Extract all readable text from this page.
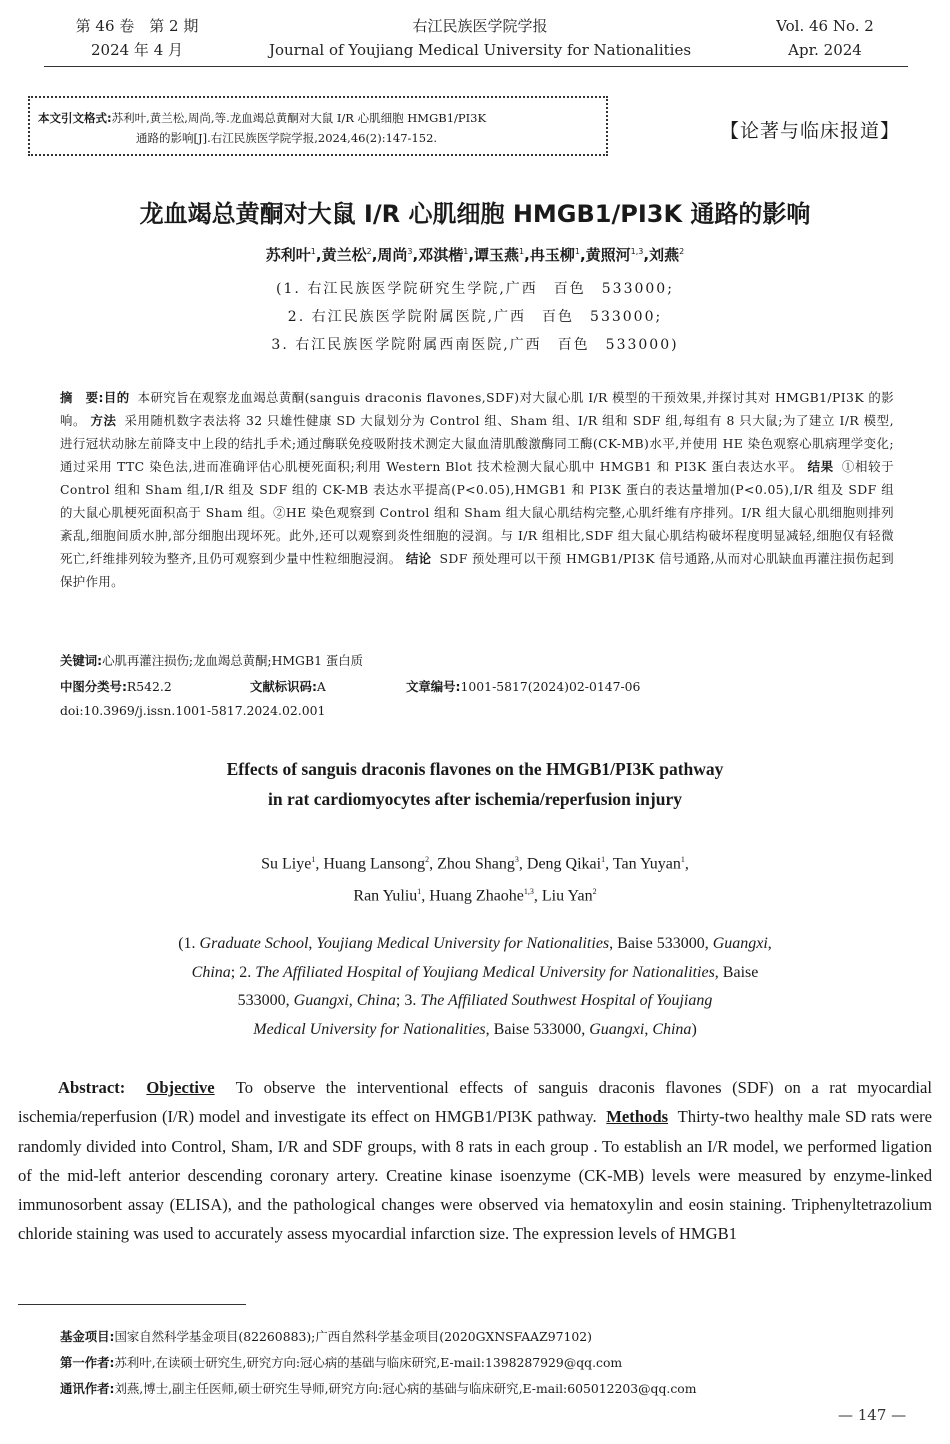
第 46 卷　第 2 期
2024 年 4 月
右江民族医学院学报
Journal of Youjiang Medical University for Nationalities
Vol. 46 No. 2
Apr. 2024
本文引文格式:苏利叶,黄兰松,周尚,等.龙血竭总黄酮对大鼠 I/R 心肌细胞 HMGB1/PI3K
通路的影响[J].右江民族医学院学报,2024,46(2):147-152.	【论著与临床报道】
龙血竭总黄酮对大鼠 I/R 心肌细胞 HMGB1/PI3K 通路的影响
苏利叶$^1$,黄兰松$^2$,周尚$^3$,邓淇楷$^1$,谭玉燕$^1$,冉玉柳$^1$,黄照河$^{1,3}$,刘燕$^2$
(1. 右江民族医学院研究生学院,广西　百色　533000;
2. 右江民族医学院附属医院,广西　百色　533000;
3. 右江民族医学院附属西南医院,广西　百色　533000)
摘　要:目的 本研究旨在观察龙血竭总黄酮(sanguis draconis flavones,SDF)对大鼠心肌 I/R 模型的干预效果,并探讨其对 HMGB1/PI3K 的影响。 方法 采用随机数字表法将 32 只雄性健康 SD 大鼠划分为 Control 组、Sham 组、I/R 组和 SDF 组,每组有 8 只大鼠;为了建立 I/R 模型,进行冠状动脉左前降支中上段的结扎手术;通过酶联免疫吸附技术测定大鼠血清肌酸激酶同工酶(CK-MB)水平,并使用 HE 染色观察心肌病理学变化;通过采用 TTC 染色法,进而准确评估心肌梗死面积;利用 Western Blot 技术检测大鼠心肌中 HMGB1 和 PI3K 蛋白表达水平。 结果 ①相较于 Control 组和 Sham 组,I/R 组及 SDF 组的 CK-MB 表达水平提高(P<0.05),HMGB1 和 PI3K 蛋白的表达量增加(P<0.05),I/R 组及 SDF 组的大鼠心肌梗死面积高于 Sham 组。②HE 染色观察到 Control 组和 Sham 组大鼠心肌结构完整,心肌纤维有序排列。I/R 组大鼠心肌细胞则排列紊乱,细胞间质水肿,部分细胞出现坏死。此外,还可以观察到炎性细胞的浸润。与 I/R 组相比,SDF 组大鼠心肌结构破坏程度明显减轻,细胞仅有轻微死亡,纤维排列较为整齐,且仍可观察到少量中性粒细胞浸润。 结论 SDF 预处理可以干预 HMGB1/PI3K 信号通路,从而对心肌缺血再灌注损伤起到保护作用。
关键词:心肌再灌注损伤;龙血竭总黄酮;HMGB1 蛋白质
中图分类号:R542.2	文献标识码:A	文章编号:1001-5817(2024)02-0147-06
doi:10.3969/j.issn.1001-5817.2024.02.001
Effects of sanguis draconis flavones on the HMGB1/PI3K pathway
in rat cardiomyocytes after ischemia/reperfusion injury
Su Liye$^1$, Huang Lansong$^2$, Zhou Shang$^3$, Deng Qikai$^1$, Tan Yuyan$^1$,
Ran Yuliu$^1$, Huang Zhaohe$^{1,3}$, Liu Yan$^2$
(1. Graduate School, Youjiang Medical University for Nationalities, Baise 533000, Guangxi,
China; 2. The Affiliated Hospital of Youjiang Medical University for Nationalities, Baise
533000, Guangxi, China; 3. The Affiliated Southwest Hospital of Youjiang
Medical University for Nationalities, Baise 533000, Guangxi, China)
Abstract: Objective To observe the interventional effects of sanguis draconis flavones (SDF) on a rat myocardial ischemia/reperfusion (I/R) model and investigate its effect on HMGB1/PI3K pathway. Methods Thirty-two healthy male SD rats were randomly divided into Control, Sham, I/R and SDF groups, with 8 rats in each group . To establish an I/R model, we performed ligation of the mid-left anterior descending coronary artery. Creatine kinase isoenzyme (CK-MB) levels were measured by enzyme-linked immunosorbent assay (ELISA), and the pathological changes were observed via hematoxylin and eosin staining. Triphenyltetrazolium chloride staining was used to accurately assess myocardial infarction size. The expression levels of HMGB1
基金项目:国家自然科学基金项目(82260883);广西自然科学基金项目(2020GXNSFAAZ97102)
第一作者:苏利叶,在读硕士研究生,研究方向:冠心病的基础与临床研究,E-mail:1398287929@qq.com
通讯作者:刘燕,博士,副主任医师,硕士研究生导师,研究方向:冠心病的基础与临床研究,E-mail:605012203@qq.com
— 147 —
